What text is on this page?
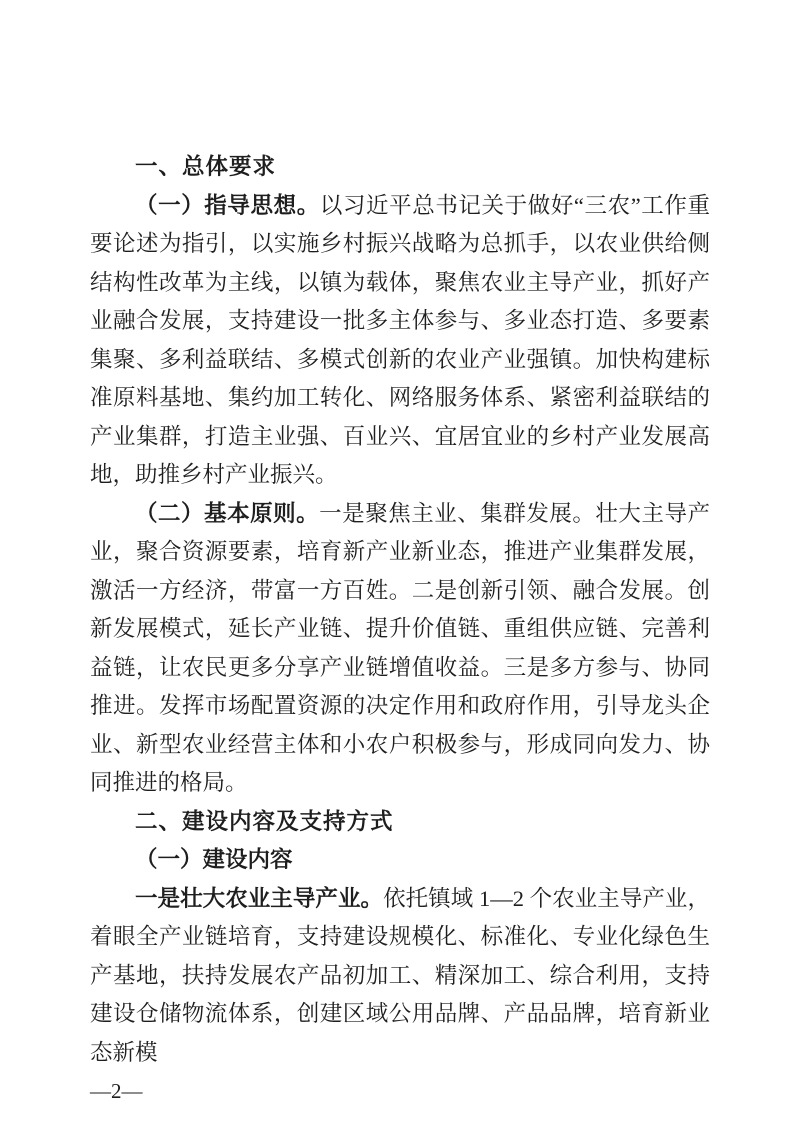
一、总体要求

（一）指导思想。以习近平总书记关于做好“三农”工作重要论述为指引，以实施乡村振兴战略为总抓手，以农业供给侧结构性改革为主线，以镇为载体，聚焦农业主导产业，抓好产业融合发展，支持建设一批多主体参与、多业态打造、多要素集聚、多利益联结、多模式创新的农业产业强镇。加快构建标准原料基地、集约加工转化、网络服务体系、紧密利益联结的产业集群，打造主业强、百业兴、宜居宜业的乡村产业发展高地，助推乡村产业振兴。

（二）基本原则。一是聚焦主业、集群发展。壮大主导产业，聚合资源要素，培育新产业新业态，推进产业集群发展，激活一方经济，带富一方百姓。二是创新引领、融合发展。创新发展模式，延长产业链、提升价值链、重组供应链、完善利益链，让农民更多分享产业链增值收益。三是多方参与、协同推进。发挥市场配置资源的决定作用和政府作用，引导龙头企业、新型农业经营主体和小农户积极参与，形成同向发力、协同推进的格局。

二、建设内容及支持方式

（一）建设内容

一是壮大农业主导产业。依托镇域 1—2 个农业主导产业，着眼全产业链培育，支持建设规模化、标准化、专业化绿色生产基地，扶持发展农产品初加工、精深加工、综合利用，支持建设仓储物流体系，创建区域公用品牌、产品品牌，培育新业态新模

—2—
